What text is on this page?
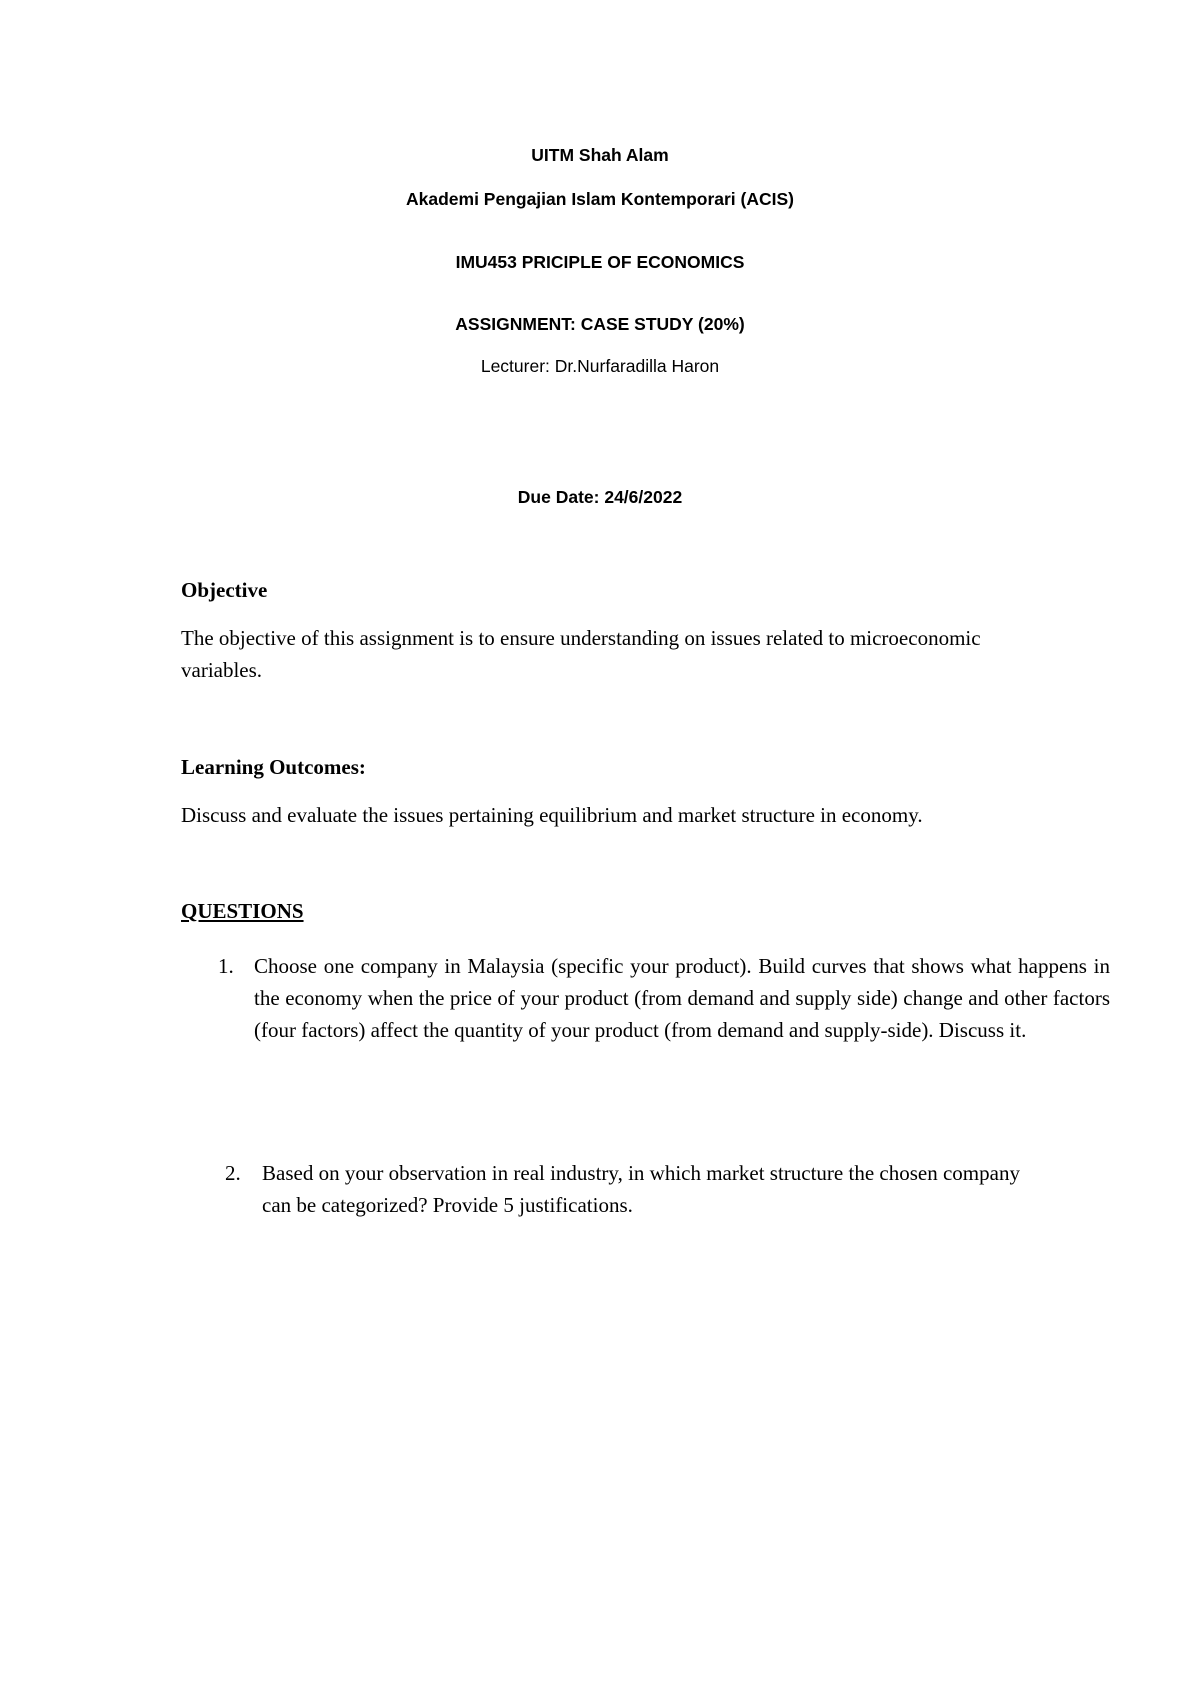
UITM Shah Alam
Akademi Pengajian Islam Kontemporari (ACIS)
IMU453 PRICIPLE OF ECONOMICS
ASSIGNMENT: CASE STUDY (20%)
Lecturer: Dr.Nurfaradilla Haron
Due Date: 24/6/2022
Objective
The objective of this assignment is to ensure understanding on issues related to microeconomic variables.
Learning Outcomes:
Discuss and evaluate the issues pertaining equilibrium and market structure in economy.
QUESTIONS
1. Choose one company in Malaysia (specific your product). Build curves that shows what happens in the economy when the price of your product (from demand and supply side) change and other factors (four factors) affect the quantity of your product (from demand and supply-side). Discuss it.
2. Based on your observation in real industry, in which market structure the chosen company can be categorized? Provide 5 justifications.
